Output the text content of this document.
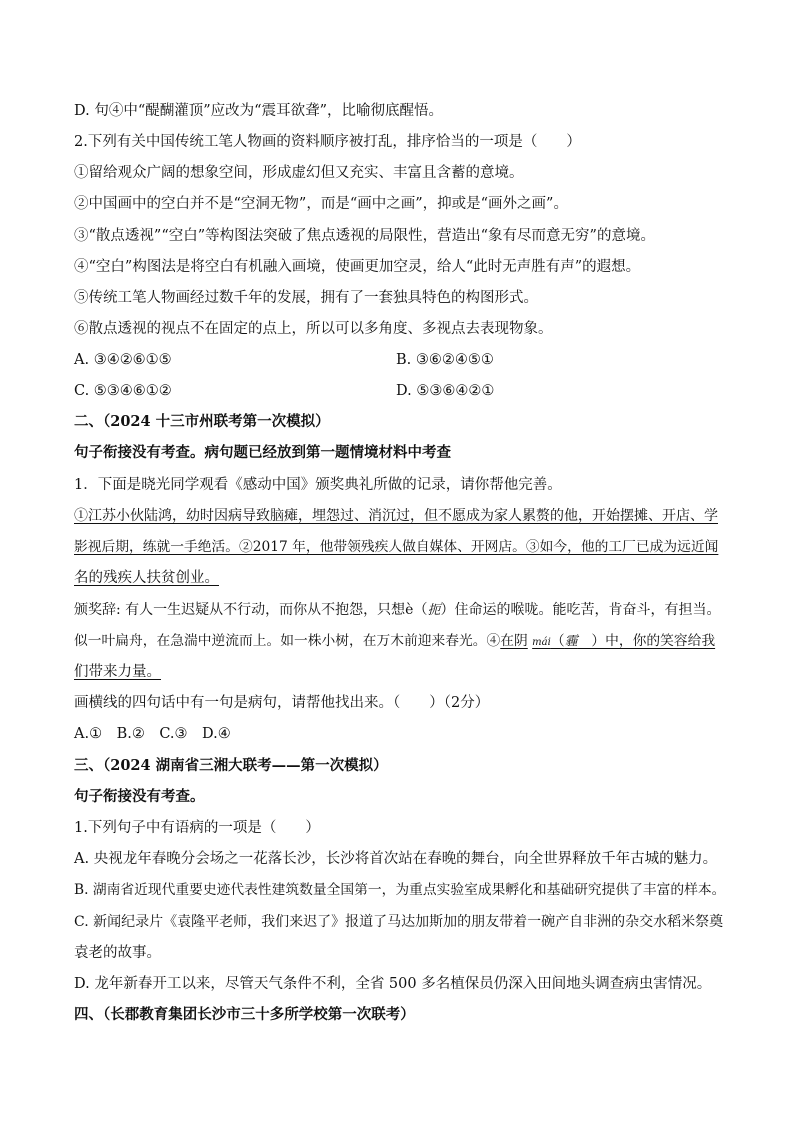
D. 句④中“醍醐灌顶”应改为“震耳欲聋”，比喻彻底醒悟。
2.下列有关中国传统工笔人物画的资料顺序被打乱，排序恰当的一项是（　　）
①留给观众广阔的想象空间，形成虚幻但又充实、丰富且含蓄的意境。
②中国画中的空白并不是“空洞无物”，而是“画中之画”，抑或是“画外之画”。
③“散点透视”“空白”等构图法突破了焦点透视的局限性，营造出“象有尽而意无穷”的意境。
④“空白”构图法是将空白有机融入画境，使画更加空灵，给人“此时无声胜有声”的遐想。
⑤传统工笔人物画经过数千年的发展，拥有了一套独具特色的构图形式。
⑥散点透视的视点不在固定的点上，所以可以多角度、多视点去表现物象。
A. ③④②⑥①⑤	B. ③⑥②④⑤①
C. ⑤③④⑥①②	D. ⑤③⑥④②①
二、（2024 十三市州联考第一次模拟）
句子衔接没有考查。病句题已经放到第一题情境材料中考查
1．下面是晓光同学观看《感动中国》颁奖典礼所做的记录，请你帮他完善。
①江苏小伙陆鸿，幼时因病导致脑瘫，埋怨过、消沉过，但不愿成为家人累赘的他，开始摆摊、开店、学
影视后期，练就一手绝活。②2017 年，他带领残疾人做自媒体、开网店。③如今，他的工厂已成为远近闻
名的残疾人扶贫创业。
颁奖辞: 有人一生迟疑从不行动，而你从不抱怨，只想è（扼）住命运的喉咙。能吃苦，肯奋斗，有担当。
似一叶扁舟，在急湍中逆流而上。如一株小树，在万木前迎来春光。④在阴 mái（霾　）中，你的笑容给我
们带来力量。
画横线的四句话中有一句是病句，请帮他找出来。（　　）（2分）
A.①　B.②　C.③　D.④
三、（2024 湖南省三湘大联考——第一次模拟）
句子衔接没有考查。
1.下列句子中有语病的一项是（　　）
A. 央视龙年春晚分会场之一花落长沙，长沙将首次站在春晚的舞台，向全世界释放千年古城的魅力。
B. 湖南省近现代重要史迹代表性建筑数量全国第一，为重点实验室成果孵化和基础研究提供了丰富的样本。
C. 新闻纪录片《袁隆平老师，我们来迟了》报道了马达加斯加的朋友带着一碗产自非洲的杂交水稻米祭奠
袁老的故事。
D. 龙年新春开工以来，尽管天气条件不利，全省 500 多名植保员仍深入田间地头调查病虫害情况。
四、（长郡教育集团长沙市三十多所学校第一次联考）
